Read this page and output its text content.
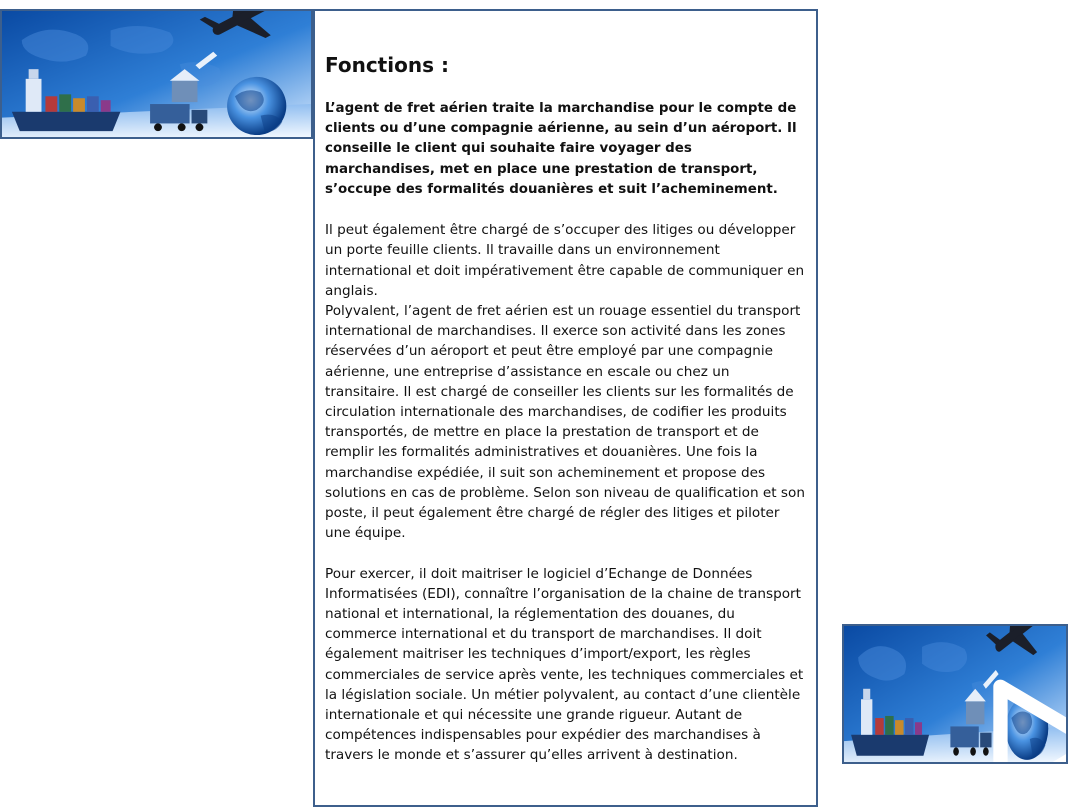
Fonctions :

L’agent de fret aérien traite la marchandise pour le compte de clients ou d’une compagnie aérienne, au sein d’un aéroport. Il conseille le client qui souhaite faire voyager des marchandises, met en place une prestation de transport, s’occupe des formalités douanières et suit l’acheminement.

Il peut également être chargé de s’occuper des litiges ou développer un porte feuille clients. Il travaille dans un environnement international et doit impérativement être capable de communiquer en anglais.

Polyvalent, l’agent de fret aérien est un rouage essentiel du transport international de marchandises. Il exerce son activité dans les zones réservées d’un aéroport et peut être employé par une compagnie aérienne, une entreprise d’assistance en escale ou chez un transitaire. Il est chargé de conseiller les clients sur les formalités de circulation internationale des marchandises, de codifier les produits transportés, de mettre en place la prestation de transport et de remplir les formalités administratives et douanières. Une fois la marchandise expédiée, il suit son acheminement et propose des solutions en cas de problème. Selon son niveau de qualification et son poste, il peut également être chargé de régler des litiges et piloter une équipe.

Pour exercer, il doit maitriser le logiciel d’Echange de Données Informatisées (EDI), connaître l’organisation de la chaine de transport national et international, la réglementation des douanes, du commerce international et du transport de marchandises. Il doit également maitriser les techniques d’import/export, les règles commerciales de service après vente, les techniques commerciales et la législation sociale. Un métier polyvalent, au contact d’une clientèle internationale et qui nécessite une grande rigueur. Autant de compétences indispensables pour expédier des marchandises à travers le monde et s’assurer qu’elles arrivent à destination.
